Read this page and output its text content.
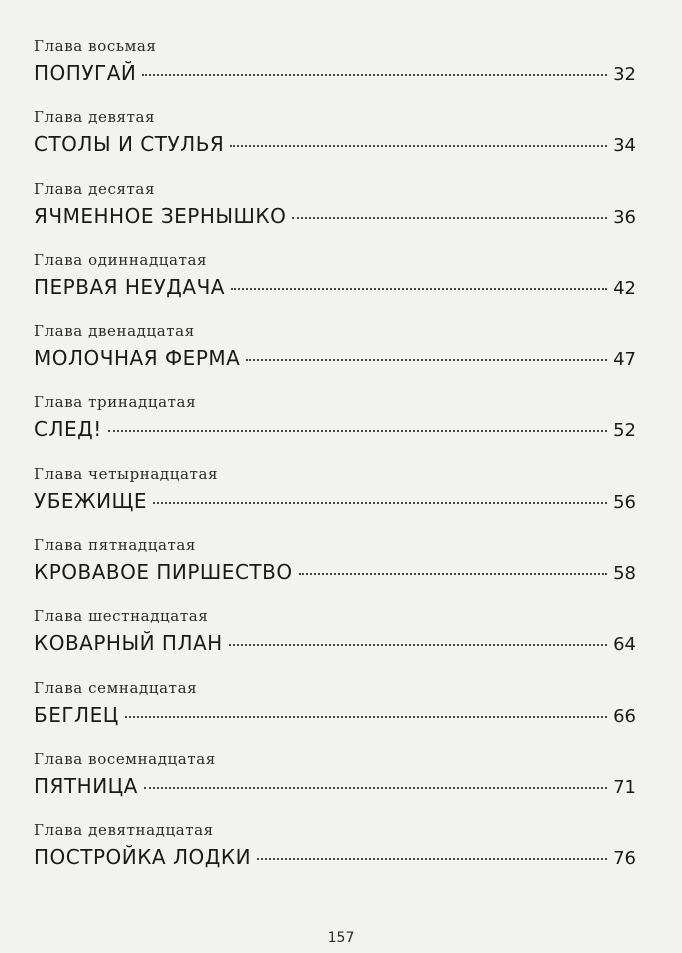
Глава восьмая
ПОПУГАЙ	32
Глава девятая
СТОЛЫ И СТУЛЬЯ	34
Глава десятая
ЯЧМЕННОЕ ЗЕРНЫШКО	36
Глава одиннадцатая
ПЕРВАЯ НЕУДАЧА	42
Глава двенадцатая
МОЛОЧНАЯ ФЕРМА	47
Глава тринадцатая
СЛЕД!	52
Глава четырнадцатая
УБЕЖИЩЕ	56
Глава пятнадцатая
КРОВАВОЕ ПИРШЕСТВО	58
Глава шестнадцатая
КОВАРНЫЙ ПЛАН	64
Глава семнадцатая
БЕГЛЕЦ	66
Глава восемнадцатая
ПЯТНИЦА	71
Глава девятнадцатая
ПОСТРОЙКА ЛОДКИ	76
157
